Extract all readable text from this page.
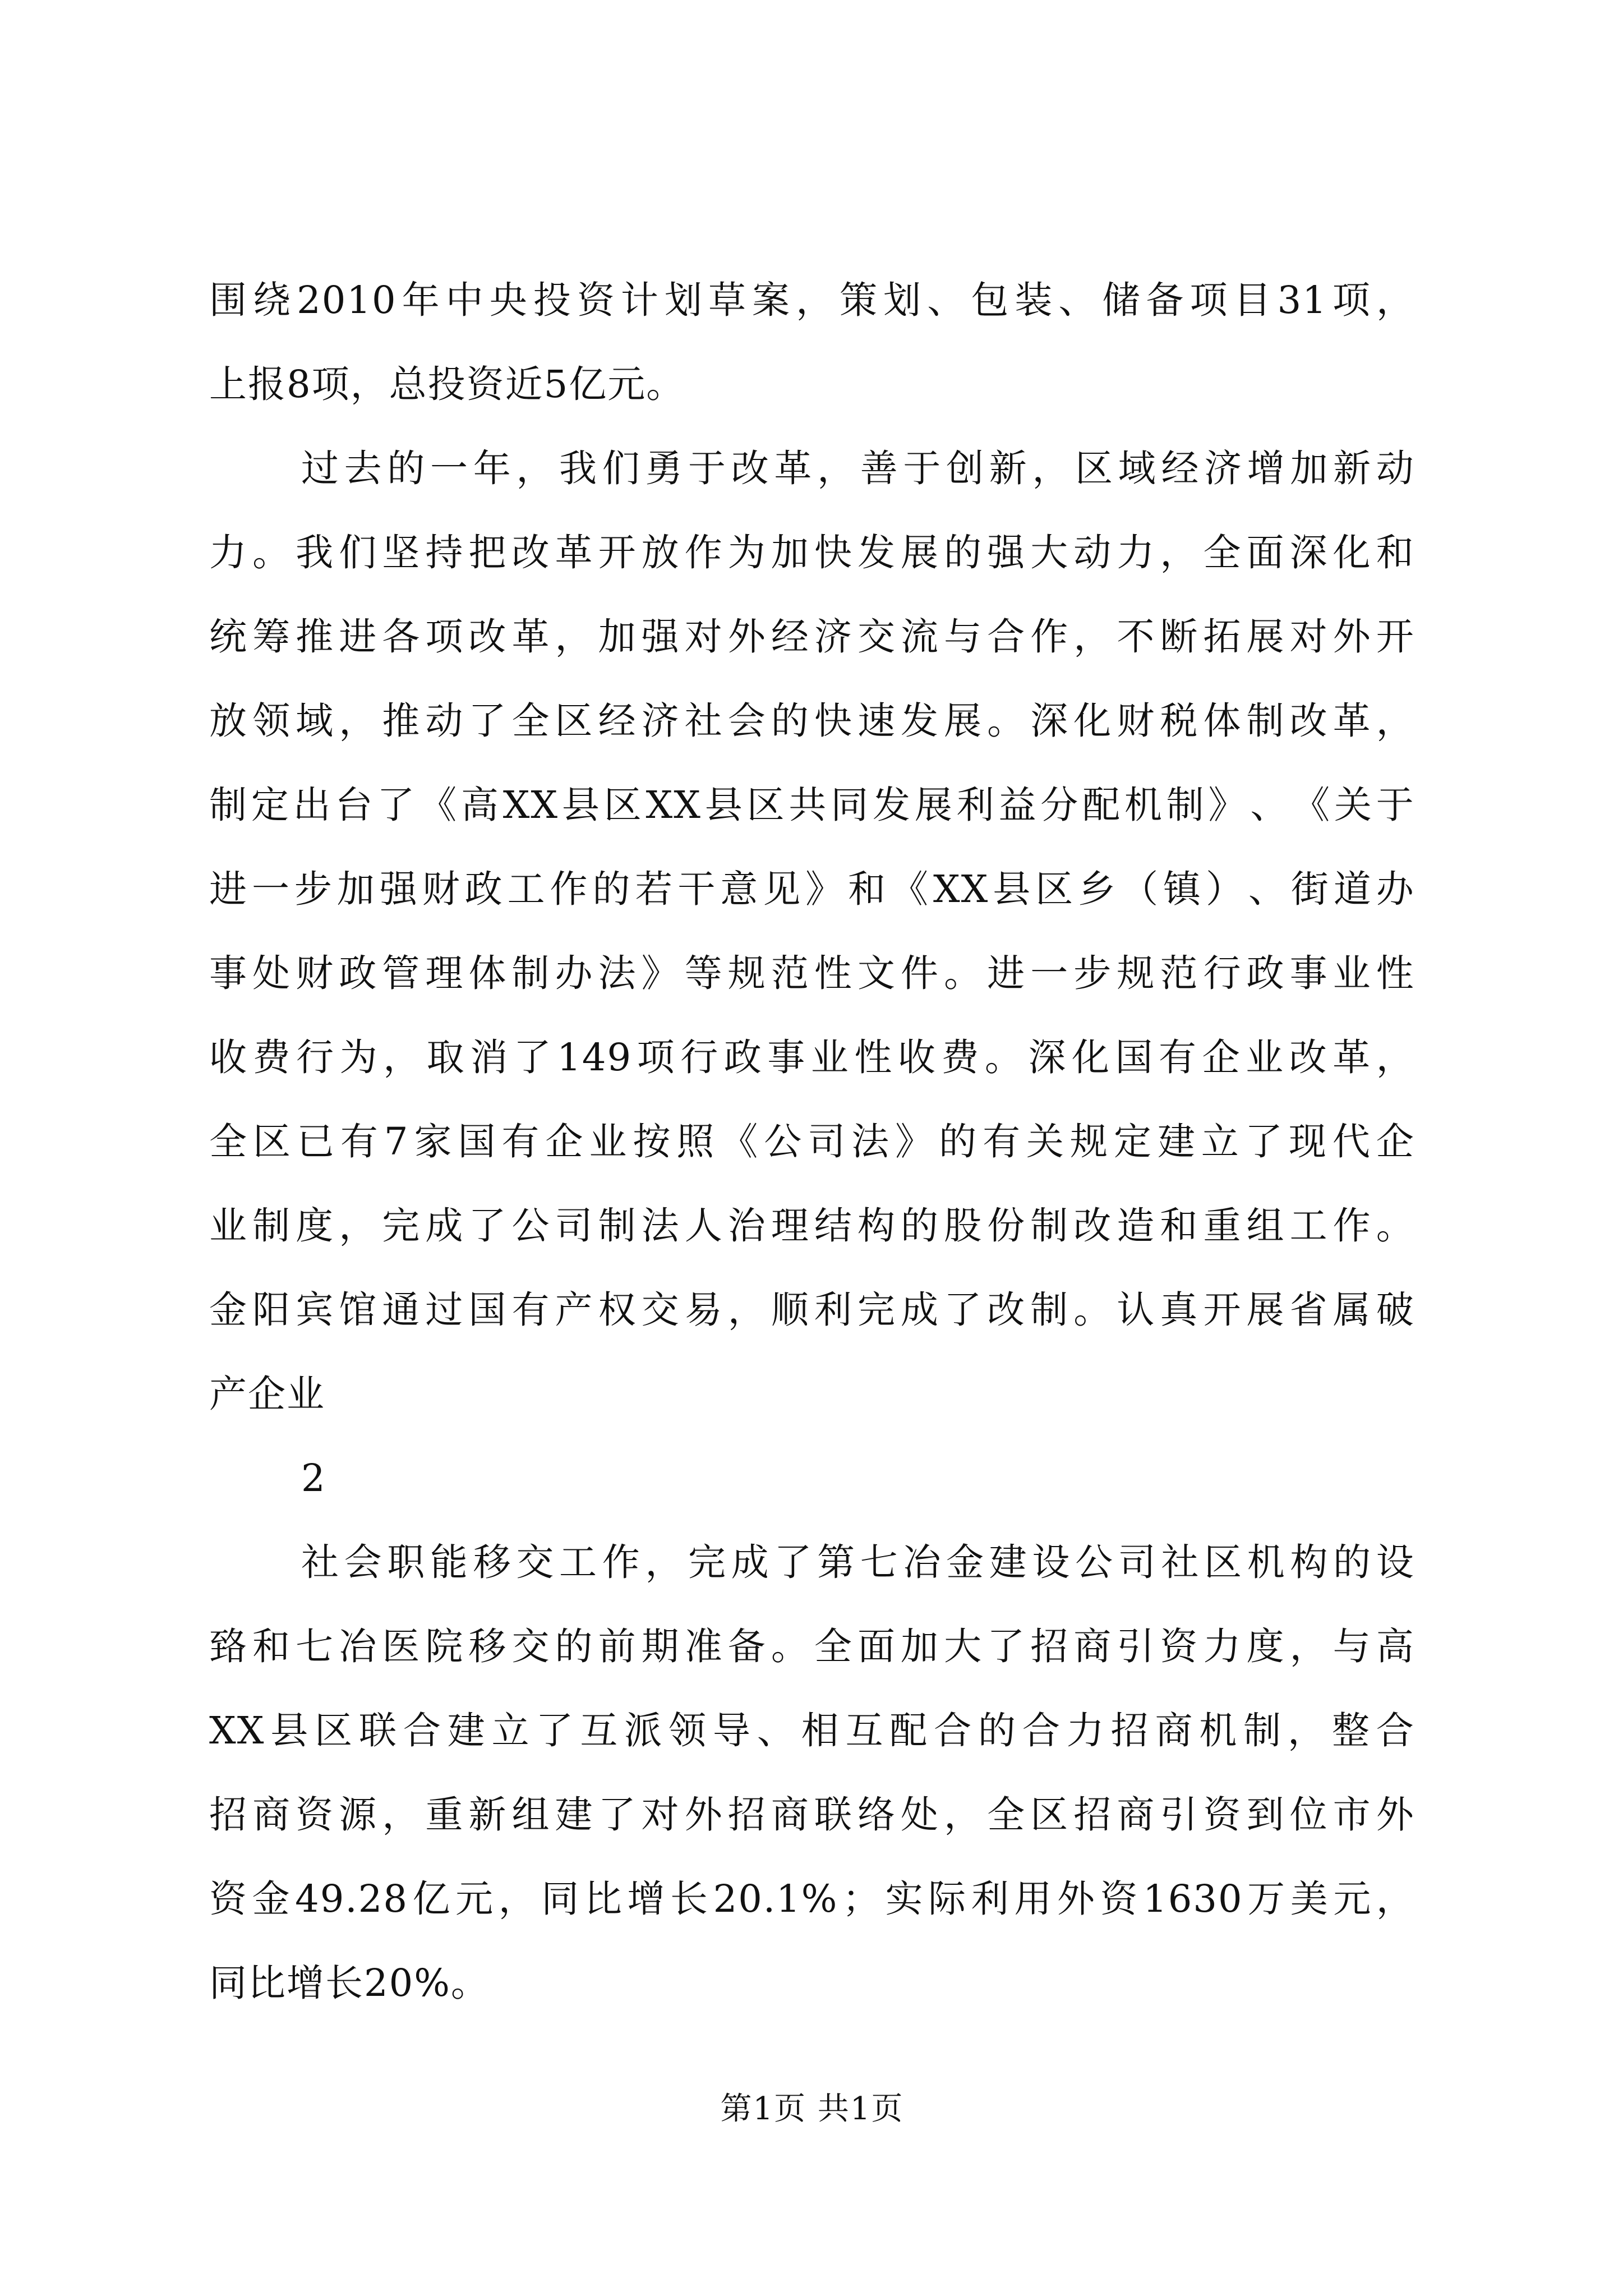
围 绕 2010 年 中 央 投 资 计 划 草 案 ， 策 划 、 包 装 、 储 备 项 目 31 项 ，
上报8项，总投资近5亿元。
过 去 的 一 年 ， 我 们 勇 于 改 革 ， 善 于 创 新 ， 区 域 经 济 增 加 新 动
力 。 我 们 坚 持 把 改 革 开 放 作 为 加 快 发 展 的 强 大 动 力 ， 全 面 深 化 和
统 筹 推 进 各 项 改 革 ， 加 强 对 外 经 济 交 流 与 合 作 ， 不 断 拓 展 对 外 开
放 领 域 ， 推 动 了 全 区 经 济 社 会 的 快 速 发 展 。 深 化 财 税 体 制 改 革 ，
制 定 出 台 了 《 高 XX 县 区 XX 县 区 共 同 发 展 利 益 分 配 机 制 》 、 《 关 于
进 一 步 加 强 财 政 工 作 的 若 干 意 见 》 和 《 XX 县 区 乡 （ 镇 ） 、 街 道 办
事 处 财 政 管 理 体 制 办 法 》 等 规 范 性 文 件 。 进 一 步 规 范 行 政 事 业 性
收 费 行 为 ， 取 消 了 149 项 行 政 事 业 性 收 费 。 深 化 国 有 企 业 改 革 ，
全 区 已 有 7 家 国 有 企 业 按 照 《 公 司 法 》 的 有 关 规 定 建 立 了 现 代 企
业 制 度 ， 完 成 了 公 司 制 法 人 治 理 结 构 的 股 份 制 改 造 和 重 组 工 作 。
金 阳 宾 馆 通 过 国 有 产 权 交 易 ， 顺 利 完 成 了 改 制 。 认 真 开 展 省 属 破
产企业
2
社 会 职 能 移 交 工 作 ， 完 成 了 第 七 冶 金 建 设 公 司 社 区 机 构 的 设
臵 和 七 冶 医 院 移 交 的 前 期 准 备 。 全 面 加 大 了 招 商 引 资 力 度 ， 与 高
XX 县 区 联 合 建 立 了 互 派 领 导 、 相 互 配 合 的 合 力 招 商 机 制 ， 整 合
招 商 资 源 ， 重 新 组 建 了 对 外 招 商 联 络 处 ， 全 区 招 商 引 资 到 位 市 外
资 金 49.28 亿 元 ， 同 比 增 长 20.1% ； 实 际 利 用 外 资 1630 万 美 元 ，
同比增长20%。
第1页 共1页
